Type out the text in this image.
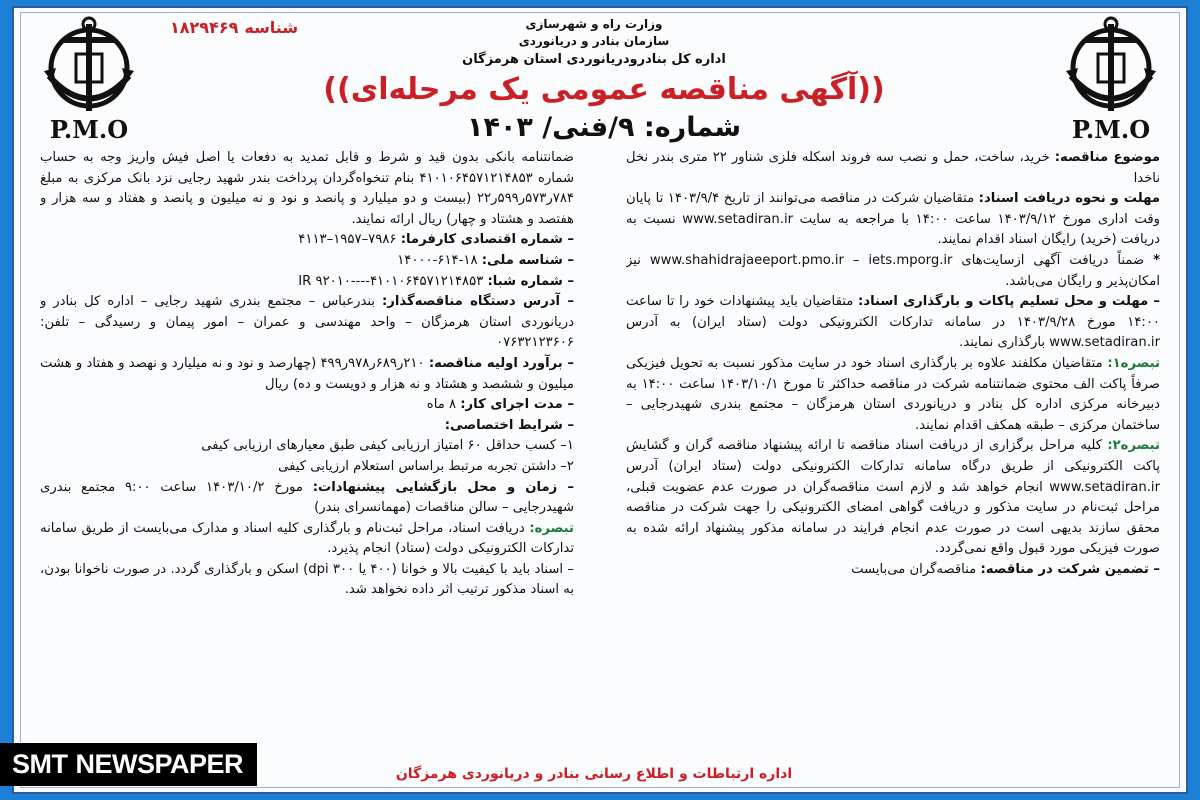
P.M.O	P.M.O
شناسه۱۸۲۹۴۶۹	وزارت راه و شهرسازی
سازمان بنادر و دریانوردی
اداره کل بنادرودریانوردی استان هرمزگان
((آگهی مناقصه عمومی یک مرحله‌ای))
شماره: ۹/فنی/ ۱۴۰۳

موضوع مناقصه: خرید، ساخت، حمل و نصب سه فروند اسکله فلزی شناور ۲۲ متری بندر نخل ناخدا

مهلت و نحوه دریافت اسناد: متقاضیان شرکت در مناقصه می‌توانند از تاریخ ۱۴۰۳/۹/۴ تا پایان وقت اداری مورخ ۱۴۰۳/۹/۱۲ ساعت ۱۴:۰۰ با مراجعه به سایت www.setadiran.ir نسبت به دریافت (خرید) رایگان اسناد اقدام نمایند.

* ضمناً دریافت آگهی ازسایت‌های www.shahidrajaeeport.pmo.ir – iets.mporg.ir نیز امکان‌پذیر و رایگان می‌باشد.

– مهلت و محل تسلیم پاکات و بارگذاری اسناد: متقاضیان باید پیشنهادات خود را تا ساعت ۱۴:۰۰ مورخ ۱۴۰۳/۹/۲۸ در سامانه تدارکات الکترونیکی دولت (ستاد ایران) به آدرس www.setadiran.ir بارگذاری نمایند.

تبصره۱: متقاضیان مکلفند علاوه بر بارگذاری اسناد خود در سایت مذکور نسبت به تحویل فیزیکی صرفاً پاکت الف محتوی ضمانتنامه شرکت در مناقصه حداکثر تا مورخ ۱۴۰۳/۱۰/۱ ساعت ۱۴:۰۰ به دبیرخانه مرکزی اداره کل بنادر و دریانوردی استان هرمزگان – مجتمع بندری شهیدرجایی – ساختمان مرکزی – طبقه همکف اقدام نمایند.

تبصره۲: کلیه مراحل برگزاری از دریافت اسناد مناقصه تا ارائه پیشنهاد مناقصه گران و گشایش پاکت الکترونیکی از طریق درگاه سامانه تدارکات الکترونیکی دولت (ستاد ایران) آدرس www.setadiran.ir انجام خواهد شد و لازم است مناقصه‌گران در صورت عدم عضویت قبلی، مراحل ثبت‌نام در سایت مذکور و دریافت گواهی امضای الکترونیکی را جهت شرکت در مناقصه محقق سازند بدیهی است در صورت عدم انجام فرایند در سامانه مذکور پیشنهاد ارائه شده به صورت فیزیکی مورد قبول واقع نمی‌گردد.

– تضمین شرکت در مناقصه: مناقصه‌گران می‌بایست

ضمانتنامه بانکی بدون قید و شرط و قابل تمدید به دفعات یا اصل فیش واریز وجه به حساب شماره ۴۱۰۱۰۶۴۵۷۱۲۱۴۸۵۳ بنام تنخواه‌گردان پرداخت بندر شهید رجایی نزد بانک مرکزی به مبلغ ۷۸۴ر۵۷۳ر۵۹۹ر۲۲ (بیست و دو میلیارد و پانصد و نود و نه میلیون و پانصد و هفتاد و سه هزار و هفتصد و هشتاد و چهار) ریال ارائه نمایند.

– شماره اقتصادی کارفرما: ۷۹۸۶–۱۹۵۷–۴۱۱۳

– شناسه ملی: ۱۸-۶۱۴-۱۴۰۰۰

– شماره شبا: IR ۹۲۰۱۰----۴۱۰۱۰۶۴۵۷۱۲۱۴۸۵۳

– آدرس دستگاه مناقصه‌گذار: بندرعباس – مجتمع بندری شهید رجایی – اداره کل بنادر و دریانوردی استان هرمزگان – واحد مهندسی و عمران – امور پیمان و رسیدگی – تلفن: ۰۷۶۳۲۱۲۳۶۰۶

– برآورد اولیه مناقصه: ۲۱۰ر۶۸۹ر۹۷۸ر۴۹۹ (چهارصد و نود و نه میلیارد و نهصد و هفتاد و هشت میلیون و ششصد و هشتاد و نه هزار و دویست و ده) ریال

– مدت اجرای کار: ۸ ماه

– شرایط اختصاصی:

۱– کسب حداقل ۶۰ امتیاز ارزیابی کیفی طبق معیارهای ارزیابی کیفی

۲– داشتن تجربه مرتبط براساس استعلام ارزیابی کیفی

– زمان و محل بازگشایی پیشنهادات: مورخ ۱۴۰۳/۱۰/۲ ساعت ۹:۰۰ مجتمع بندری شهیدرجایی – سالن مناقصات (مهمانسرای بندر)

تبصره: دریافت اسناد، مراحل ثبت‌نام و بارگذاری کلیه اسناد و مدارک می‌بایست از طریق سامانه تدارکات الکترونیکی دولت (ستاد) انجام پذیرد.

– اسناد باید با کیفیت بالا و خوانا (۴۰۰ یا ۳۰۰ dpi) اسکن و بارگذاری گردد. در صورت ناخوانا بودن، به اسناد مذکور ترتیب اثر داده نخواهد شد.

اداره ارتباطات و اطلاع رسانی بنادر و دریانوردی هرمزگان
SMT NEWSPAPER
